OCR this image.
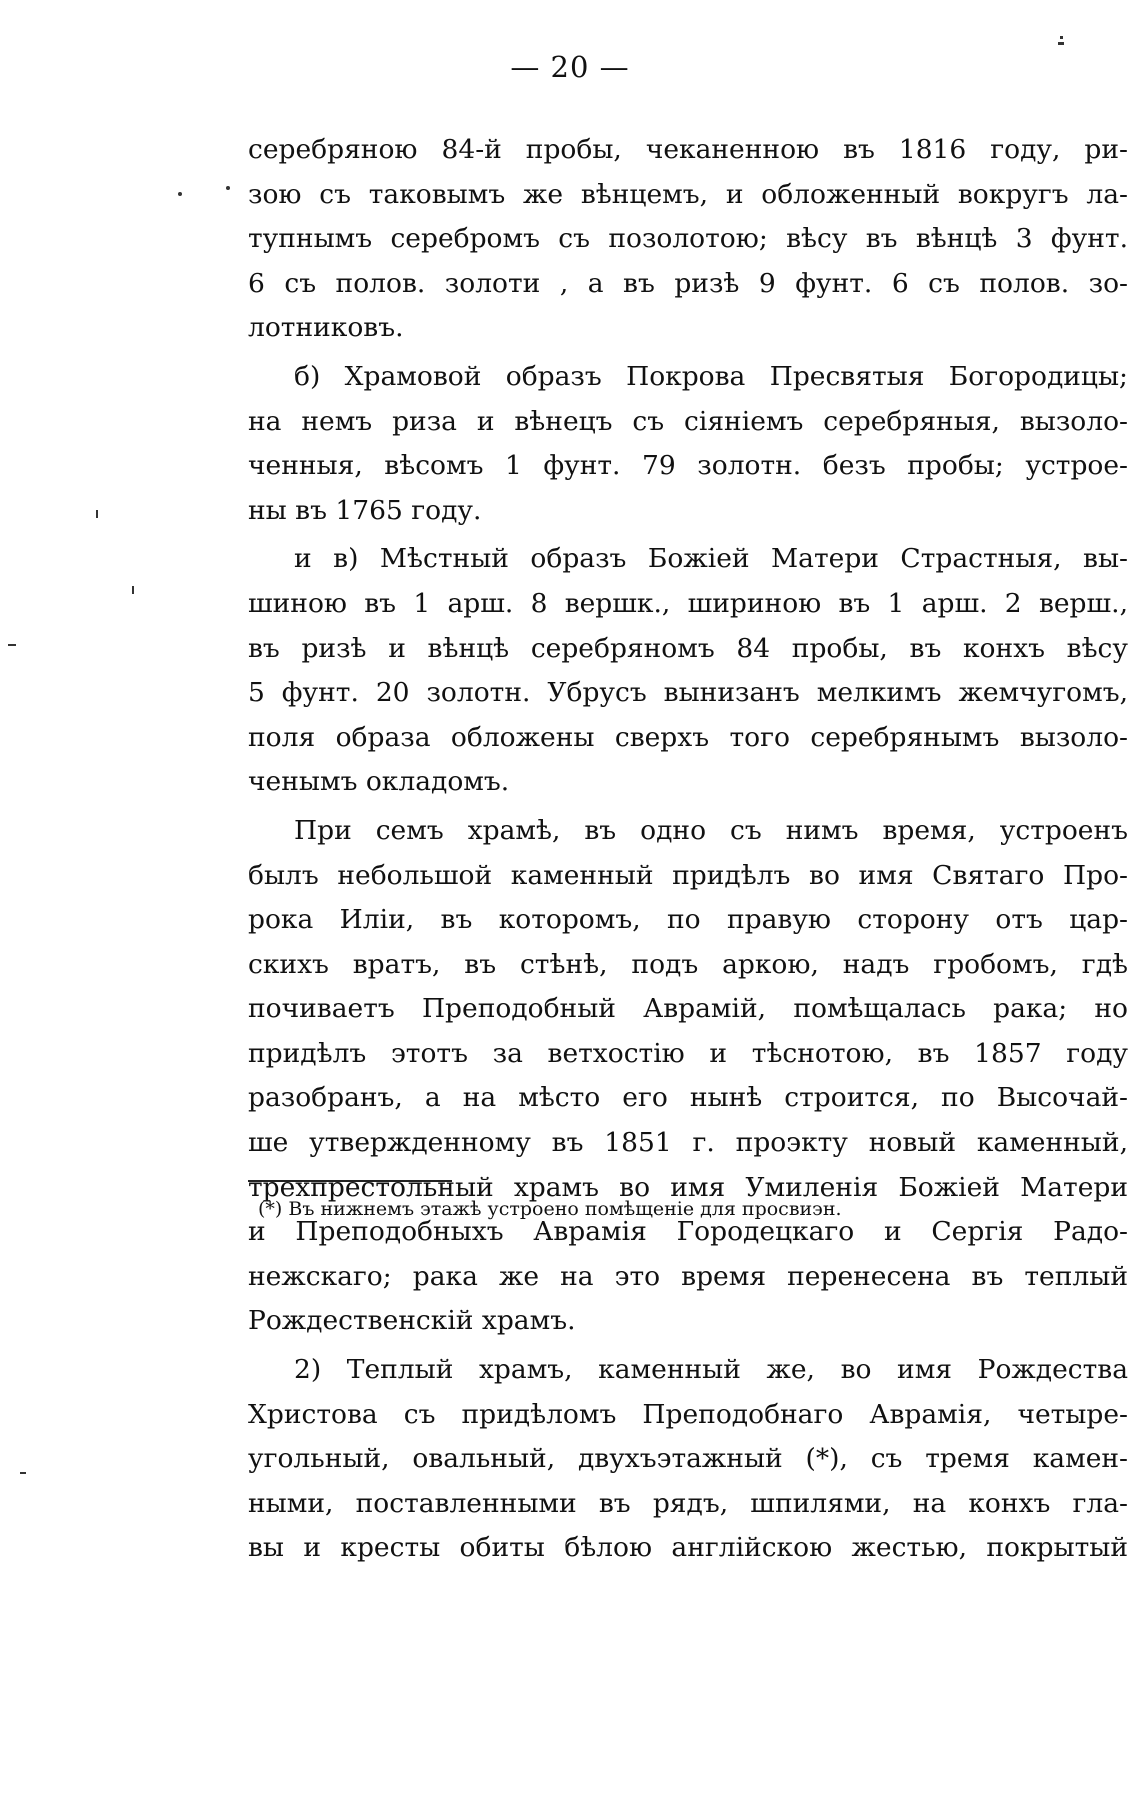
— 20 —
серебряною 84-й пробы, чеканенною въ 1816 году, ри-
зою съ таковымъ же вѣнцемъ, и обложенный вокругъ ла-
тупнымъ серебромъ съ позолотою; вѣсу въ вѣнцѣ 3 фунт.
6 съ полов. золоти , а въ ризѣ 9 фунт. 6 съ полов. зо-
лотниковъ.
б) Храмовой образъ Покрова Пресвятыя Богородицы;
на немъ риза и вѣнецъ съ сіяніемъ серебряныя, вызоло-
ченныя, вѣсомъ 1 фунт. 79 золотн. безъ пробы; устрое-
ны въ 1765 году.
и в) Мѣстный образъ Божіей Матери Страстныя, вы-
шиною въ 1 арш. 8 вершк., шириною въ 1 арш. 2 верш.,
въ ризѣ и вѣнцѣ серебряномъ 84 пробы, въ конхъ вѣсу
5 фунт. 20 золотн. Убрусъ вынизанъ мелкимъ жемчугомъ,
поля образа обложены сверхъ того серебрянымъ вызоло-
ченымъ окладомъ.
При семъ храмѣ, въ одно съ нимъ время, устроенъ
былъ небольшой каменный придѣлъ во имя Святаго Про-
рока Иліи, въ которомъ, по правую сторону отъ цар-
скихъ вратъ, въ стѣнѣ, подъ аркою, надъ гробомъ, гдѣ
почиваетъ Преподобный Аврамій, помѣщалась рака; но
придѣлъ этотъ за ветхостію и тѣснотою, въ 1857 году
разобранъ, а на мѣсто его нынѣ строится, по Высочай-
ше утвержденному въ 1851 г. проэкту новый каменный,
трехпрестольный храмъ во имя Умиленія Божіей Матери
и Преподобныхъ Аврамія Городецкаго и Сергія Радо-
нежскаго; рака же на это время перенесена въ теплый
Рождественскій храмъ.
2) Теплый храмъ, каменный же, во имя Рождества
Христова съ придѣломъ Преподобнаго Аврамія, четыре-
угольный, овальный, двухъэтажный (*), съ тремя камен-
ными, поставленными въ рядъ, шпилями, на конхъ гла-
вы и кресты обиты бѣлою англійскою жестью, покрытый
(*) Въ нижнемъ этажѣ устроено помѣщеніе для просвиэн.
